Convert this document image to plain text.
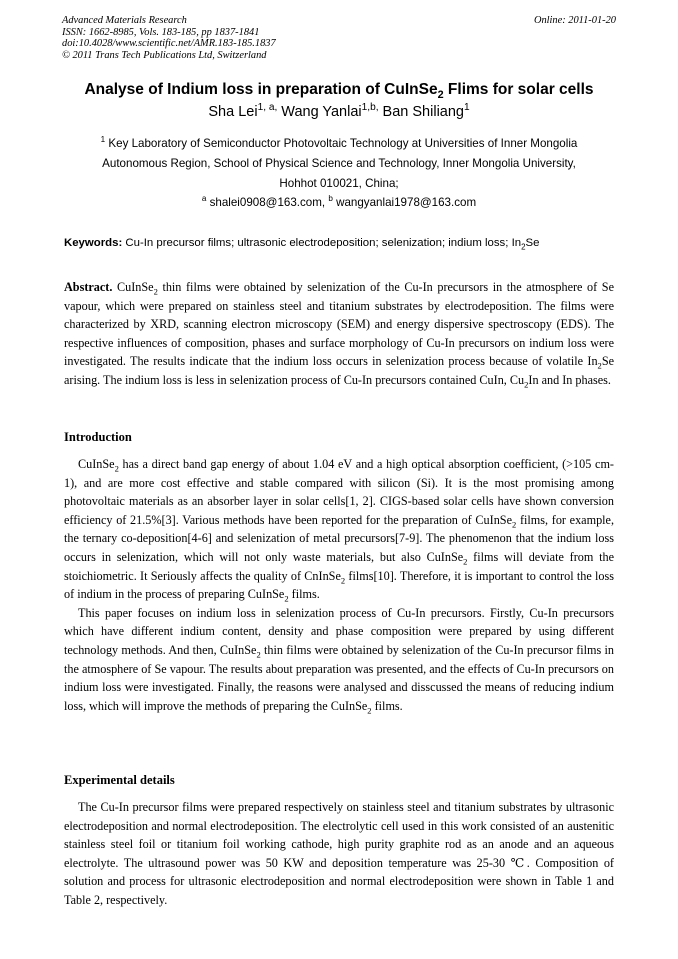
Advanced Materials Research
ISSN: 1662-8985, Vols. 183-185, pp 1837-1841
doi:10.4028/www.scientific.net/AMR.183-185.1837
© 2011 Trans Tech Publications Ltd, Switzerland
Online: 2011-01-20
Analyse of Indium loss in preparation of CuInSe$_2$ Flims for solar cells
Sha Lei$^{1, a,}$ Wang Yanlai$^{1,b,}$ Ban Shiliang$^1$
$^1$ Key Laboratory of Semiconductor Photovoltaic Technology at Universities of Inner Mongolia
Autonomous Region, School of Physical Science and Technology, Inner Mongolia University,
Hohhot 010021, China;
$^a$ shalei0908@163.com, $^b$ wangyanlai1978@163.com
Keywords: Cu-In precursor films; ultrasonic electrodeposition; selenization; indium loss; $In_2Se$
Abstract. CuInSe$_2$ thin films were obtained by selenization of the Cu-In precursors in the atmosphere of Se vapour, which were prepared on stainless steel and titanium substrates by electrodeposition. The films were characterized by XRD, scanning electron microscopy (SEM) and energy dispersive spectroscopy (EDS). The respective influences of composition, phases and surface morphology of Cu-In precursors on indium loss were investigated. The results indicate that the indium loss occurs in selenization process because of volatile $In_2Se$ arising. The indium loss is less in selenization process of Cu-In precursors contained CuIn, $Cu_2In$ and In phases.
Introduction

CuInSe$_2$ has a direct band gap energy of about 1.04 eV and a high optical absorption coefficient, (>105 cm-1), and are more cost effective and stable compared with silicon (Si). It is the most promising among photovoltaic materials as an absorber layer in solar cells[1, 2]. CIGS-based solar cells have shown conversion efficiency of 21.5%[3]. Various methods have been reported for the preparation of CuInSe$_2$ films, for example, the ternary co-deposition[4-6] and selenization of metal precursors[7-9]. The phenomenon that the indium loss occurs in selenization, which will not only waste materials, but also CuInSe$_2$ films will deviate from the stoichiometric. It Seriously affects the quality of CnInSe$_2$ films[10]. Therefore, it is important to control the loss of indium in the process of preparing CuInSe$_2$ films.

This paper focuses on indium loss in selenization process of Cu-In precursors. Firstly, Cu-In precursors which have different indium content, density and phase composition were prepared by using different technology methods. And then, CuInSe$_2$ thin films were obtained by selenization of the Cu-In precursor films in the atmosphere of Se vapour. The results about preparation was presented, and the effects of Cu-In precursors on indium loss were investigated. Finally, the reasons were analysed and disscussed the means of reducing indium loss, which will improve the methods of preparing the CuInSe$_2$ films.

Experimental details

The Cu-In precursor films were prepared respectively on stainless steel and titanium substrates by ultrasonic electrodeposition and normal electrodeposition. The electrolytic cell used in this work consisted of an austenitic stainless steel foil or titanium foil working cathode, high purity graphite rod as an anode and an aqueous electrolyte. The ultrasound power was 50 KW and deposition temperature was 25-30 ℃. Composition of solution and process for ultrasonic electrodeposition and normal electrodeposition were shown in Table 1 and Table 2, respectively.
